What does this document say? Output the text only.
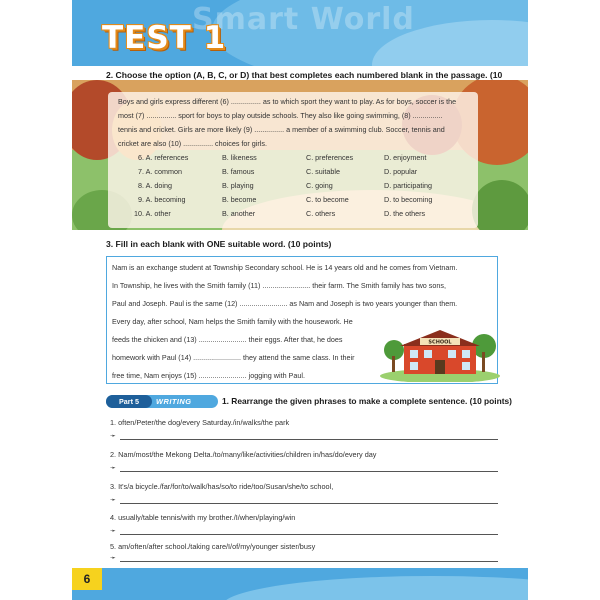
Smart World
TEST 1
2. Choose the option (A, B, C, or D) that best completes each numbered blank in the passage. (10
Boys and girls express different (6) ............... as to which sport they want to play. As for boys, soccer is the
most (7) ............... sport for boys to play outside schools. They also like going swimming, (8) ...............
tennis and cricket. Girls are more likely (9) ............... a member of a swimming club. Soccer, tennis and
cricket are also (10) ............... choices for girls.
6. A. references	B. likeness	C. preferences	D. enjoyment
7. A. common	B. famous	C. suitable	D. popular
8. A. doing	B. playing	C. going	D. participating
9. A. becoming	B. become	C. to become	D. to becoming
10. A. other	B. another	C. others	D. the others
3. Fill in each blank with ONE suitable word. (10 points)
Nam is an exchange student at Township Secondary school. He is 14 years old and he comes from Vietnam.
In Township, he lives with the Smith family (11) ........................ their farm. The Smith family has two sons,
Paul and Joseph. Paul is the same (12) ........................ as Nam and Joseph is two years younger than them.
Every day, after school, Nam helps the Smith family with the housework. He
feeds the chicken and (13) ........................ their eggs. After that, he does
homework with Paul (14) ........................ they attend the same class. In their
free time, Nam enjoys (15) ........................ jogging with Paul.
SCHOOL
Part 5	WRITING	1. Rearrange the given phrases to make a complete sentence. (10 points)
1. often/Peter/the dog/every Saturday./in/walks/the park
➛
2. Nam/most/the Mekong Delta./to/many/like/activities/children in/has/do/every day
➛
3. It's/a bicycle./far/for/to/walk/has/so/to ride/too/Susan/she/to school,
➛
4. usually/table tennis/with my brother./I/when/playing/win
➛
5. am/often/after school./taking care/I/of/my/younger sister/busy
➛
6
